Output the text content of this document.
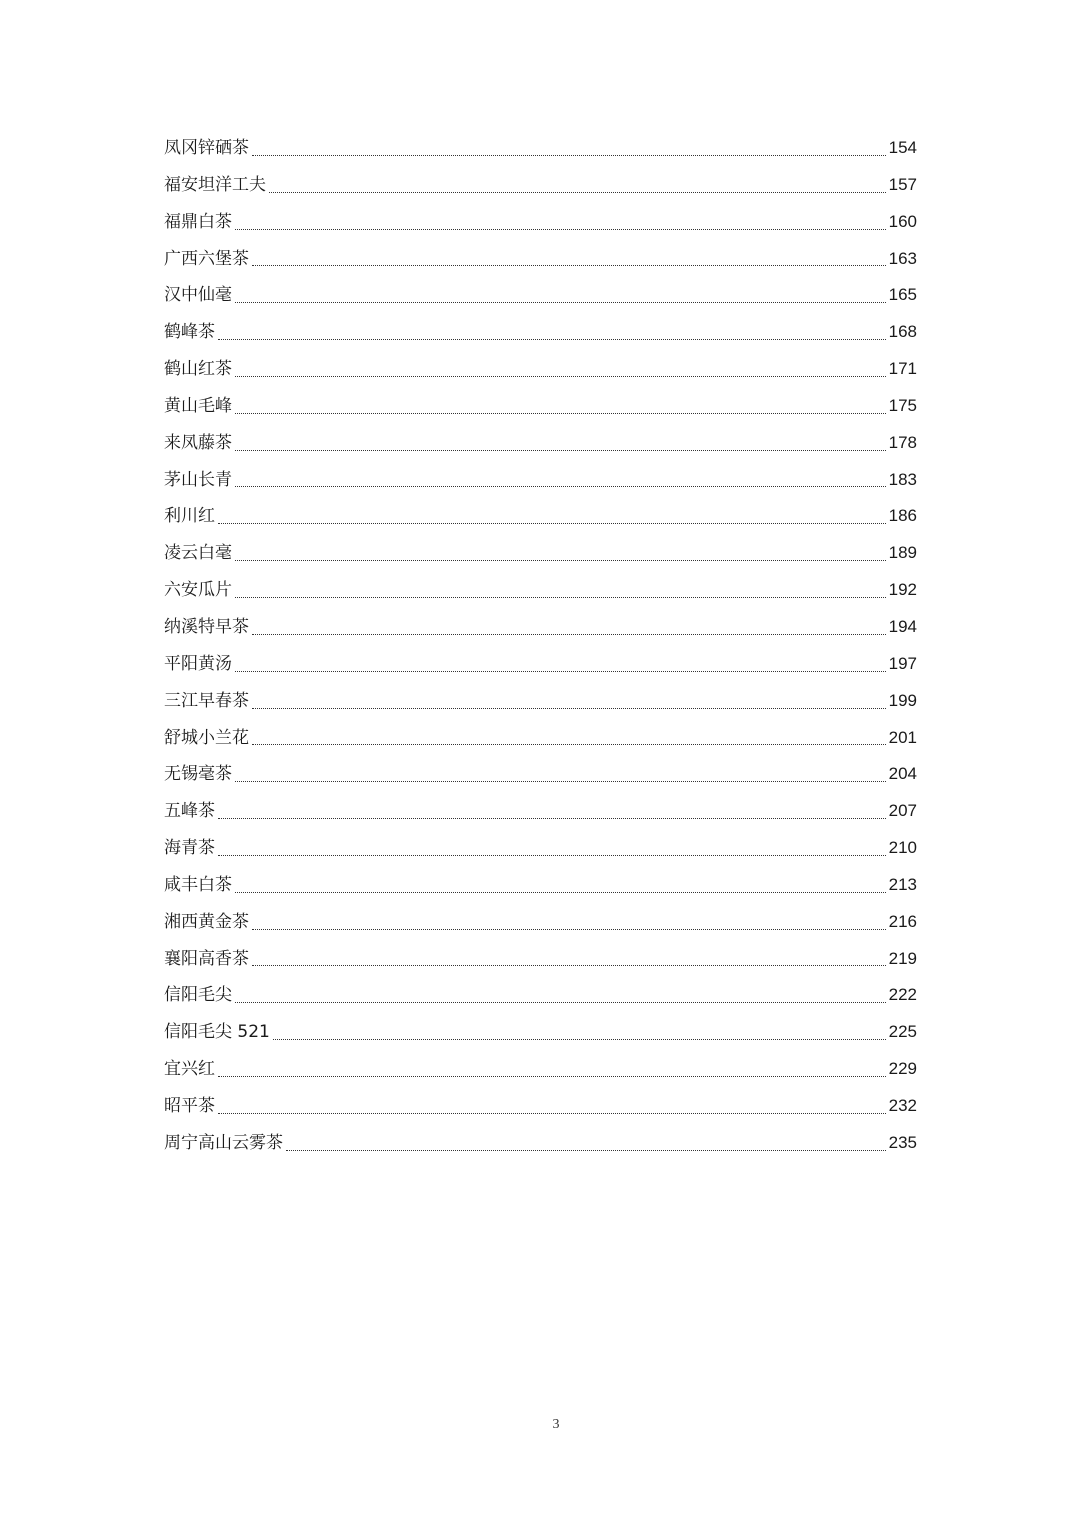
凤冈锌硒茶	154
福安坦洋工夫	157
福鼎白茶	160
广西六堡茶	163
汉中仙毫	165
鹤峰茶	168
鹤山红茶	171
黄山毛峰	175
来凤藤茶	178
茅山长青	183
利川红	186
凌云白毫	189
六安瓜片	192
纳溪特早茶	194
平阳黄汤	197
三江早春茶	199
舒城小兰花	201
无锡毫茶	204
五峰茶	207
海青茶	210
咸丰白茶	213
湘西黄金茶	216
襄阳高香茶	219
信阳毛尖	222
信阳毛尖 521	225
宜兴红	229
昭平茶	232
周宁高山云雾茶	235
3
